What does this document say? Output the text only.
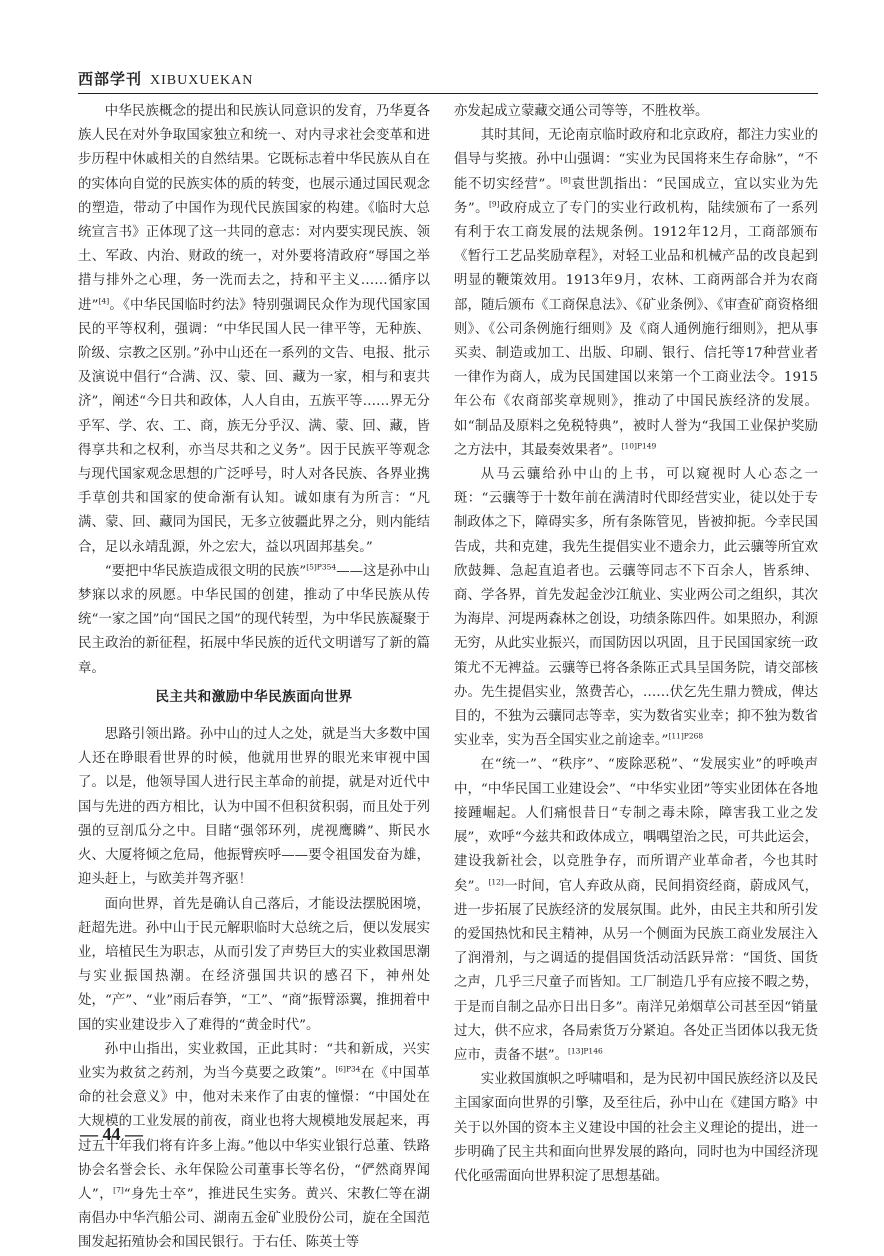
西部学刊 XIBUXUEKAN

中华民族概念的提出和民族认同意识的发育，乃华夏各族人民在对外争取国家独立和统一、对内寻求社会变革和进步历程中休戚相关的自然结果。它既标志着中华民族从自在的实体向自觉的民族实体的质的转变，也展示通过国民观念的塑造，带动了中国作为现代民族国家的构建。《临时大总统宣言书》正体现了这一共同的意志：对内要实现民族、领土、军政、内治、财政的统一，对外要将清政府“辱国之举措与排外之心理，务一洗而去之，持和平主义……循序以进”[4]。《中华民国临时约法》特别强调民众作为现代国家国民的平等权利，强调：“中华民国人民一律平等，无种族、阶级、宗教之区别。”孙中山还在一系列的文告、电报、批示及演说中倡行“合满、汉、蒙、回、藏为一家，相与和衷共济”，阐述“今日共和政体，人人自由，五族平等……界无分乎军、学、农、工、商，族无分乎汉、满、蒙、回、藏，皆得享共和之权利，亦当尽共和之义务”。因于民族平等观念与现代国家观念思想的广泛呼号，时人对各民族、各界业携手草创共和国家的使命渐有认知。诚如康有为所言：“凡满、蒙、回、藏同为国民，无多立彼疆此界之分，则内能结合，足以永靖乱源，外之宏大，益以巩固邦基矣。”

“要把中华民族造成很文明的民族”$^{[5]P354}$——这是孙中山梦寐以求的夙愿。中华民国的创建，推动了中华民族从传统“一家之国”向“国民之国”的现代转型，为中华民族凝聚于民主政治的新征程，拓展中华民族的近代文明谱写了新的篇章。

民主共和激励中华民族面向世界

思路引领出路。孙中山的过人之处，就是当大多数中国人还在睁眼看世界的时候，他就用世界的眼光来审视中国了。以是，他领导国人进行民主革命的前提，就是对近代中国与先进的西方相比，认为中国不但积贫积弱，而且处于列强的豆剖瓜分之中。目睹“强邻环列，虎视鹰瞵”、斯民水火、大厦将倾之危局，他振臂疾呼——要令祖国发奋为雄，迎头赶上，与欧美并驾齐驱！

面向世界，首先是确认自己落后，才能设法摆脱困境，赶超先进。孙中山于民元解职临时大总统之后，便以发展实业，培植民生为职志，从而引发了声势巨大的实业救国思潮与实业振国热潮。在经济强国共识的感召下，神州处处，“产”、“业”雨后春笋，“工”、“商”振臂添翼，推拥着中国的实业建设步入了难得的“黄金时代”。

孙中山指出，实业救国，正此其时：“共和新成，兴实业实为救贫之药剂，为当今莫要之政策”。$^{[6]P34}$在《中国革命的社会意义》中，他对未来作了由衷的憧憬：“中国处在大规模的工业发展的前夜，商业也将大规模地发展起来，再过五十年我们将有许多上海。”他以中华实业银行总董、铁路协会名誉会长、永年保险公司董事长等名份，“俨然商界闻人”，[7]“身先士卒”，推进民生实务。黄兴、宋教仁等在湖南倡办中华汽船公司、湖南五金矿业股份公司，旋在全国范围发起拓殖协会和国民银行。于右任、陈英士等

亦发起成立蒙藏交通公司等等，不胜枚举。

其时其间，无论南京临时政府和北京政府，都注力实业的倡导与奖掖。孙中山强调：“实业为民国将来生存命脉”，“不能不切实经营”。[8]袁世凯指出：“民国成立，宜以实业为先务”。[9]政府成立了专门的实业行政机构，陆续颁布了一系列有利于农工商发展的法规条例。1912年12月，工商部颁布《暂行工艺品奖励章程》，对轻工业品和机械产品的改良起到明显的鞭策效用。1913年9月，农林、工商两部合并为农商部，随后颁布《工商保息法》、《矿业条例》、《审查矿商资格细则》、《公司条例施行细则》及《商人通例施行细则》，把从事买卖、制造或加工、出版、印刷、银行、信托等17种营业者一律作为商人，成为民国建国以来第一个工商业法令。1915年公布《农商部奖章规则》，推动了中国民族经济的发展。如“制品及原料之免税特典”，被时人誉为“我国工业保护奖励之方法中，其最奏效果者”。$^{[10]P149}$

从马云骧给孙中山的上书，可以窥视时人心态之一斑：“云骧等于十数年前在满清时代即经营实业，徒以处于专制政体之下，障碍实多，所有条陈管见，皆被抑扼。今幸民国告成，共和克建，我先生提倡实业不遗余力，此云骧等所宜欢欣鼓舞、急起直追者也。云骧等同志不下百余人，皆系绅、商、学各界，首先发起金沙江航业、实业两公司之组织，其次为海岸、河堤两森林之创设，功绩条陈四件。如果照办，利源无穷，从此实业振兴，而国防因以巩固，且于民国国家统一政策尤不无裨益。云骧等已将各条陈正式具呈国务院，请交部核办。先生提倡实业，煞费苦心，……伏乞先生鼎力赞成，俾达目的，不独为云骧同志等幸，实为数省实业幸；抑不独为数省实业幸，实为吾全国实业之前途幸。”$^{[11]P268}$

在“统一”、“秩序”、“废除恶税”、“发展实业”的呼唤声中，“中华民国工业建设会”、“中华实业团”等实业团体在各地接踵崛起。人们痛恨昔日“专制之毒未除，障害我工业之发展”，欢呼“今兹共和政体成立，喁喁望治之民，可共此运会，建设我新社会，以竞胜争存，而所谓产业革命者，今也其时矣”。[12]一时间，官人弃政从商，民间捐资经商，蔚成风气，进一步拓展了民族经济的发展氛围。此外，由民主共和所引发的爱国热忱和民主精神，从另一个侧面为民族工商业发展注入了润滑剂，与之调适的提倡国货活动活跃异常：“国货、国货之声，几乎三尺童子而皆知。工厂制造几乎有应接不暇之势，于是而自制之品亦日出日多”。南洋兄弟烟草公司甚至因“销量过大，供不应求，各局索货万分紧迫。各处正当团体以我无货应市，责备不堪”。$^{[13]P146}$

实业救国旗帜之呼啸唱和，是为民初中国民族经济以及民主国家面向世界的引擎，及至往后，孙中山在《建国方略》中关于以外国的资本主义建设中国的社会主义理论的提出，进一步明确了民主共和面向世界发展的路向，同时也为中国经济现代化亟需面向世界积淀了思想基础。

— 44 —
